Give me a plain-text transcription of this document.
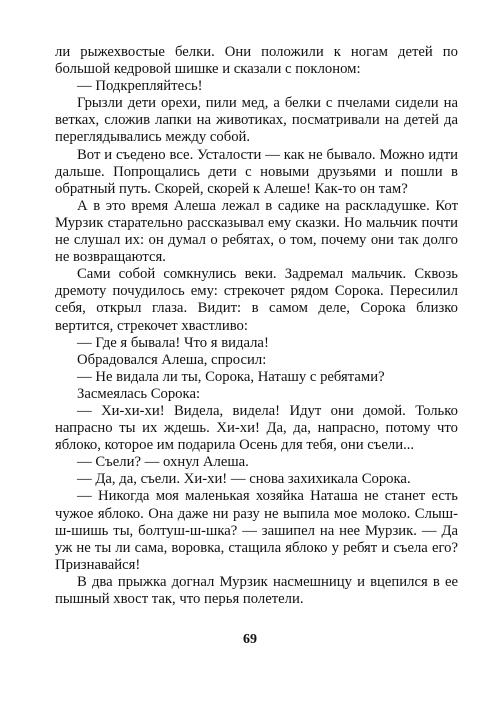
ли рыжехвостые белки. Они положили к ногам детей по большой кедровой шишке и сказали с поклоном:

— Подкрепляйтесь!

Грызли дети орехи, пили мед, а белки с пчелами сидели на ветках, сложив лапки на животиках, посматривали на детей да переглядывались между собой.

Вот и съедено все. Усталости — как не бывало. Можно идти дальше. Попрощались дети с новыми друзьями и пошли в обратный путь. Скорей, скорей к Алеше! Как-то он там?

А в это время Алеша лежал в садике на раскладушке. Кот Мурзик старательно рассказывал ему сказки. Но мальчик почти не слушал их: он думал о ребятах, о том, почему они так долго не возвращаются.

Сами собой сомкнулись веки. Задремал мальчик. Сквозь дремоту почудилось ему: стрекочет рядом Сорока. Пересилил себя, открыл глаза. Видит: в самом деле, Сорока близко вертится, стрекочет хвастливо:

— Где я бывала! Что я видала!

Обрадовался Алеша, спросил:

— Не видала ли ты, Сорока, Наташу с ребятами?

Засмеялась Сорока:

— Хи-хи-хи! Видела, видела! Идут они домой. Только напрасно ты их ждешь. Хи-хи! Да, да, напрасно, потому что яблоко, которое им подарила Осень для тебя, они съели...

— Съели? — охнул Алеша.

— Да, да, съели. Хи-хи! — снова захихикала Сорока.

— Никогда моя маленькая хозяйка Наташа не станет есть чужое яблоко. Она даже ни разу не выпила мое молоко. Слыш-ш-шишь ты, болтуш-ш-шка? — зашипел на нее Мурзик. — Да уж не ты ли сама, воровка, стащила яблоко у ребят и съела его? Признавайся!

В два прыжка догнал Мурзик насмешницу и вцепился в ее пышный хвост так, что перья полетели.

69
